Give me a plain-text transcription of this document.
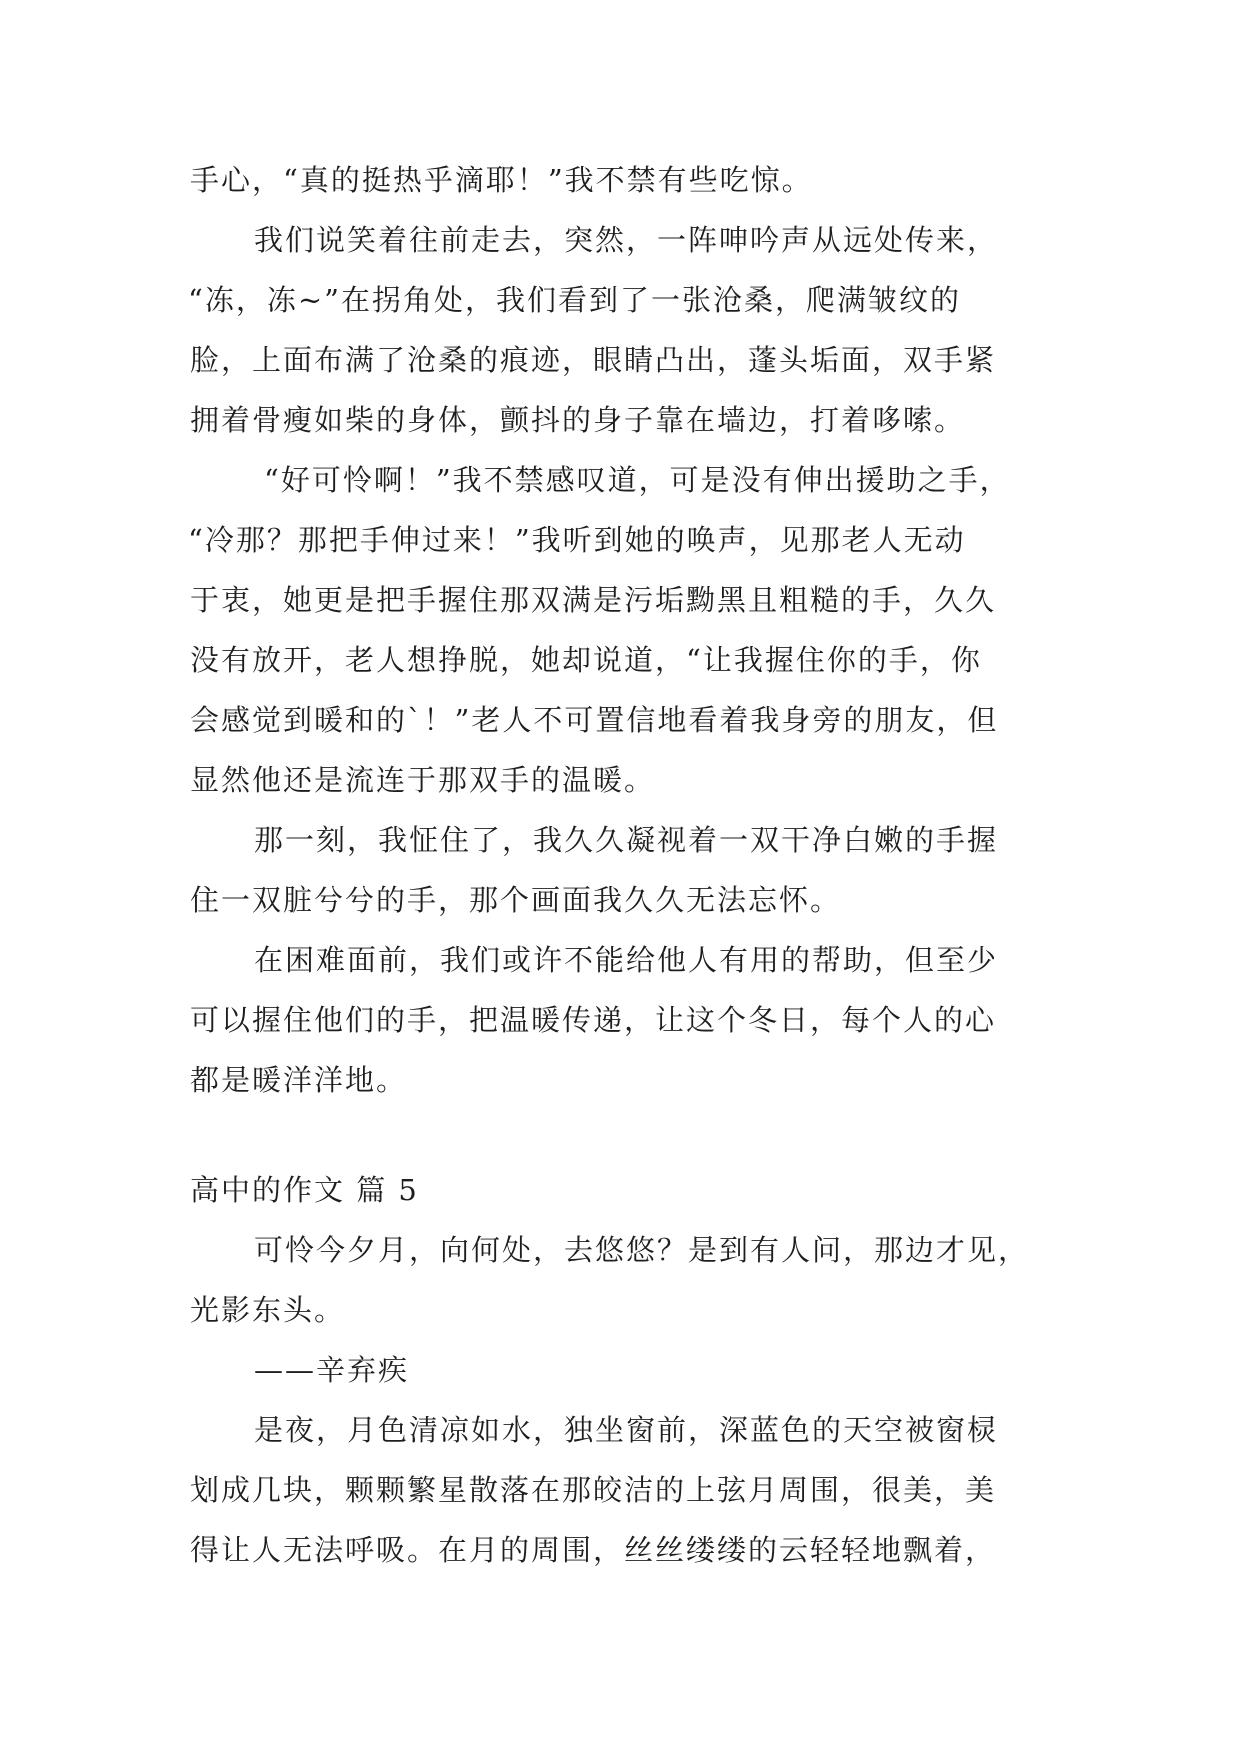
手心，“真的挺热乎滴耶！”我不禁有些吃惊。
我们说笑着往前走去，突然，一阵呻吟声从远处传来，
“冻，冻~”在拐角处，我们看到了一张沧桑，爬满皱纹的
脸，上面布满了沧桑的痕迹，眼睛凸出，蓬头垢面，双手紧
拥着骨瘦如柴的身体，颤抖的身子靠在墙边，打着哆嗦。
“好可怜啊！”我不禁感叹道，可是没有伸出援助之手，
“冷那？那把手伸过来！”我听到她的唤声，见那老人无动
于衷，她更是把手握住那双满是污垢黝黑且粗糙的手，久久
没有放开，老人想挣脱，她却说道，“让我握住你的手，你
会感觉到暖和的`！”老人不可置信地看着我身旁的朋友，但
显然他还是流连于那双手的温暖。
那一刻，我怔住了，我久久凝视着一双干净白嫩的手握
住一双脏兮兮的手，那个画面我久久无法忘怀。
在困难面前，我们或许不能给他人有用的帮助，但至少
可以握住他们的手，把温暖传递，让这个冬日，每个人的心
都是暖洋洋地。
高中的作文 篇 5
可怜今夕月，向何处，去悠悠？是到有人问，那边才见，
光影东头。
——辛弃疾
是夜，月色清凉如水，独坐窗前，深蓝色的天空被窗棂
划成几块，颗颗繁星散落在那皎洁的上弦月周围，很美，美
得让人无法呼吸。在月的周围，丝丝缕缕的云轻轻地飘着，
